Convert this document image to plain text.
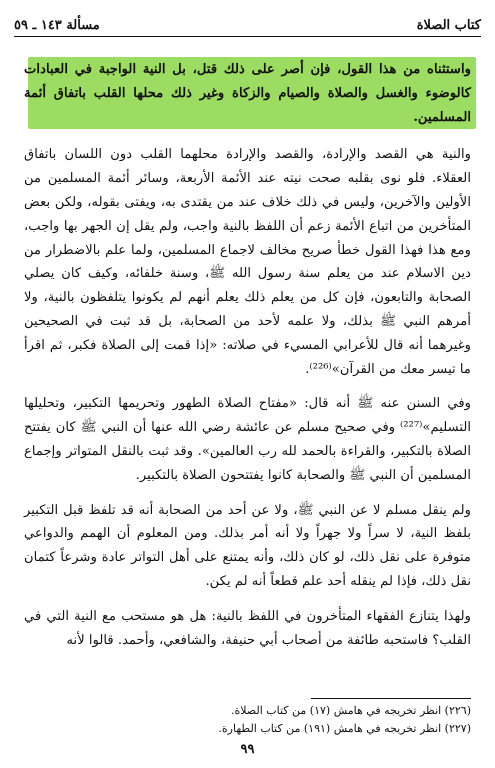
كتاب الصلاة
مسألة ١٤٣ ـ ٥٩

واستثناه من هذا القول، فإن أصر على ذلك قتل، بل النية الواجبة في العبادات كالوضوء والغسل والصلاة والصيام والزكاة وغير ذلك محلها القلب باتفاق أئمة المسلمين.

والنية هي القصد والإرادة، والقصد والإرادة محلهما القلب دون اللسان باتفاق العقلاء. فلو نوى بقلبه صحت نيته عند الأئمة الأربعة، وسائر أئمة المسلمين من الأولين والآخرين، وليس في ذلك خلاف عند من يقتدى به، ويفتى بقوله، ولكن بعض المتأخرين من اتباع الأئمة زعم أن اللفظ بالنية واجب، ولم يقل إن الجهر بها واجب، ومع هذا فهذا القول خطأ صريح مخالف لاجماع المسلمين، ولما علم بالاضطرار من دين الاسلام عند من يعلم سنة رسول الله ﷺ، وسنة خلفائه، وكيف كان يصلي الصحابة والتابعون، فإن كل من يعلم ذلك يعلم أنهم لم يكونوا يتلفظون بالنية، ولا أمرهم النبي ﷺ بذلك، ولا علمه لأحد من الصحابة، بل قد ثبت في الصحيحين وغيرهما أنه قال للأعرابي المسيء في صلاته: «إذا قمت إلى الصلاة فكبر، ثم اقرأ ما تيسر معك من القرآن»⁽²²⁶⁾.

وفي السنن عنه ﷺ أنه قال: «مفتاح الصلاة الطهور وتحريمها التكبير، وتحليلها التسليم»⁽²²⁷⁾ وفي صحيح مسلم عن عائشة رضي الله عنها أن النبي ﷺ كان يفتتح الصلاة بالتكبير، والقراءة بالحمد لله رب العالمين». وقد ثبت بالنقل المتواتر وإجماع المسلمين أن النبي ﷺ والصحابة كانوا يفتتحون الصلاة بالتكبير.

ولم ينقل مسلم لا عن النبي ﷺ، ولا عن أحد من الصحابة أنه قد تلفظ قبل التكبير بلفظ النية، لا سراً ولا جهراً ولا أنه أمر بذلك. ومن المعلوم أن الهمم والدواعي متوفرة على نقل ذلك، لو كان ذلك، وأنه يمتنع على أهل التواتر عادة وشرعاً كتمان نقل ذلك، فإذا لم ينقله أحد علم قطعاً أنه لم يكن.

ولهذا يتنازع الفقهاء المتأخرون في اللفظ بالنية: هل هو مستحب مع النية التي في القلب؟ فاستحبه طائفة من أصحاب أبي حنيفة، والشافعي، وأحمد. قالوا لأنه

(٢٢٦) انظر تخريجه في هامش (١٧) من كتاب الصلاة.

(٢٢٧) انظر تخريجه في هامش (١٩١) من كتاب الطهارة.

٩٩
